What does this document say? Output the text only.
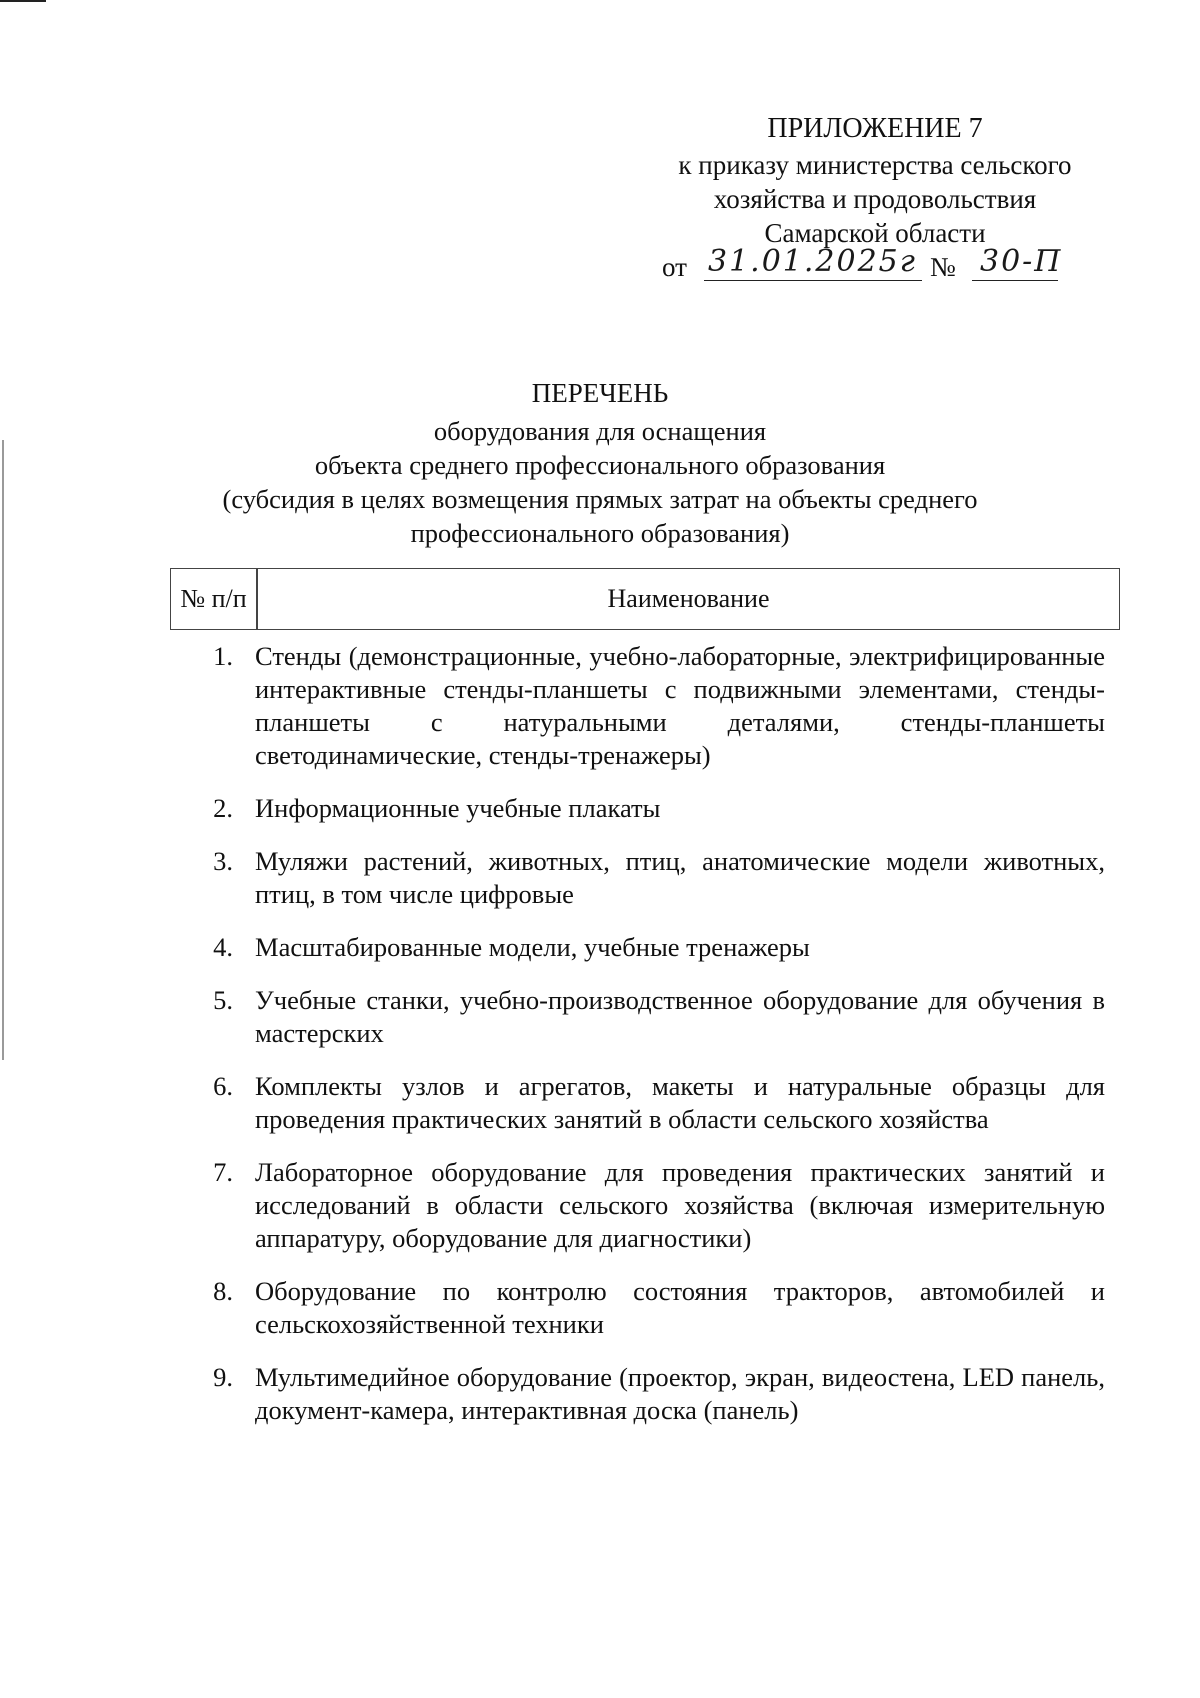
ПРИЛОЖЕНИЕ 7
к приказу министерства сельского
хозяйства и продовольствия
Самарской области
от 31.01.2025г № 30-П
ПЕРЕЧЕНЬ
оборудования для оснащения
объекта среднего профессионального образования
(субсидия в целях возмещения прямых затрат на объекты среднего
профессионального образования)
№ п/п	Наименование
1. Стенды (демонстрационные, учебно-лабораторные, электрифицированные интерактивные стенды-планшеты с подвижными элементами, стенды-планшеты с натуральными деталями, стенды-планшеты светодинамические, стенды-тренажеры)
2. Информационные учебные плакаты
3. Муляжи растений, животных, птиц, анатомические модели животных, птиц, в том числе цифровые
4. Масштабированные модели, учебные тренажеры
5. Учебные станки, учебно-производственное оборудование для обучения в мастерских
6. Комплекты узлов и агрегатов, макеты и натуральные образцы для проведения практических занятий в области сельского хозяйства
7. Лабораторное оборудование для проведения практических занятий и исследований в области сельского хозяйства (включая измерительную аппаратуру, оборудование для диагностики)
8. Оборудование по контролю состояния тракторов, автомобилей и сельскохозяйственной техники
9. Мультимедийное оборудование (проектор, экран, видеостена, LED панель, документ-камера, интерактивная доска (панель)
